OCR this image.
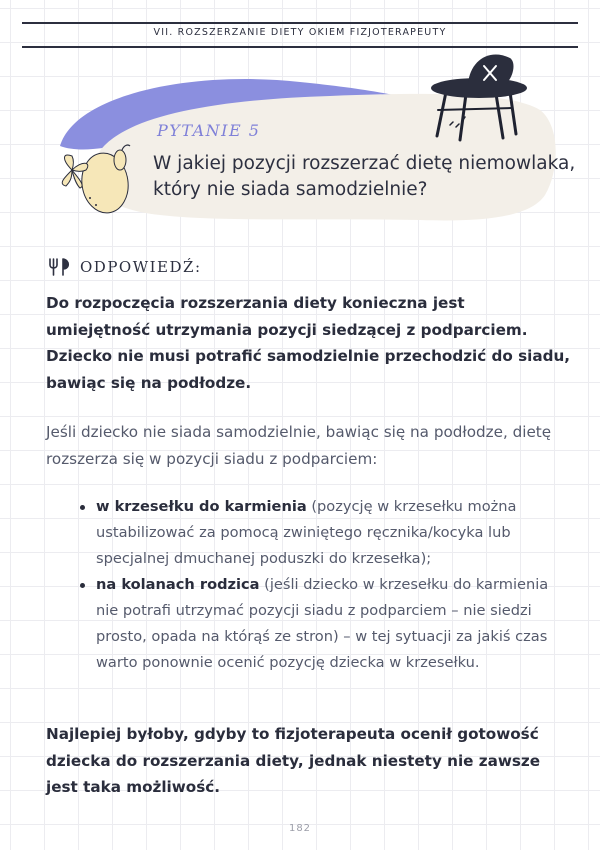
VII. ROZSZERZANIE DIETY OKIEM FIZJOTERAPEUTY
PYTANIE 5
W jakiej pozycji rozszerzać dietę niemowlaka, który nie siada samodzielnie?
ODPOWIEDŹ:
Do rozpoczęcia rozszerzania diety konieczna jest umiejętność utrzymania pozycji siedzącej z podparciem.
Dziecko nie musi potrafić samodzielnie przechodzić do siadu, bawiąc się na podłodze.

Jeśli dziecko nie siada samodzielnie, bawiąc się na podłodze, dietę rozszerza się w pozycji siadu z podparciem:

w krzesełku do karmienia (pozycję w krzesełku można ustabilizować za pomocą zwiniętego ręcznika/kocyka lub specjalnej dmuchanej poduszki do krzesełka);
na kolanach rodzica (jeśli dziecko w krzesełku do karmienia nie potrafi utrzymać pozycji siadu z podparciem – nie siedzi prosto, opada na którąś ze stron) – w tej sytuacji za jakiś czas warto ponownie ocenić pozycję dziecka w krzesełku.

Najlepiej byłoby, gdyby to fizjoterapeuta ocenił gotowość dziecka do rozszerzania diety, jednak niestety nie zawsze jest taka możliwość.

182
